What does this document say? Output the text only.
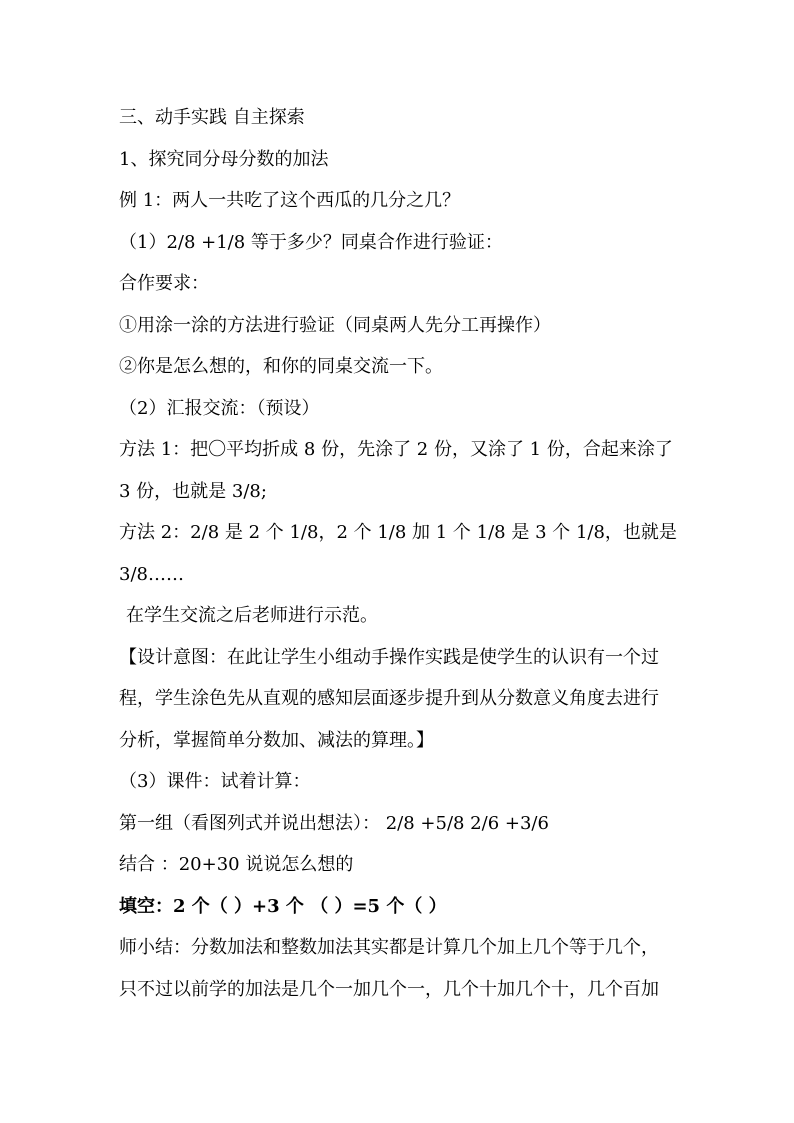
三、动手实践 自主探索
1、探究同分母分数的加法
例 1：两人一共吃了这个西瓜的几分之几？
（1）2/8 +1/8 等于多少？同桌合作进行验证：
合作要求：
①用涂一涂的方法进行验证（同桌两人先分工再操作）
②你是怎么想的，和你的同桌交流一下。
（2）汇报交流：（预设）
方法 1：把〇平均折成 8 份，先涂了 2 份，又涂了 1 份，合起来涂了
3 份，也就是 3/8;
方法 2：2/8 是 2 个 1/8，2 个 1/8 加 1 个 1/8 是 3 个 1/8，也就是
3/8……
在学生交流之后老师进行示范。
【设计意图：在此让学生小组动手操作实践是使学生的认识有一个过
程，学生涂色先从直观的感知层面逐步提升到从分数意义角度去进行
分析，掌握简单分数加、减法的算理。】
（3）课件：试着计算：
第一组（看图列式并说出想法）： 2/8 +5/8 2/6 +3/6
结合 ：20+30 说说怎么想的
填空：2 个（ ）+3 个 （ ）=5 个（ ）
师小结：分数加法和整数加法其实都是计算几个加上几个等于几个，
只不过以前学的加法是几个一加几个一，几个十加几个十，几个百加
